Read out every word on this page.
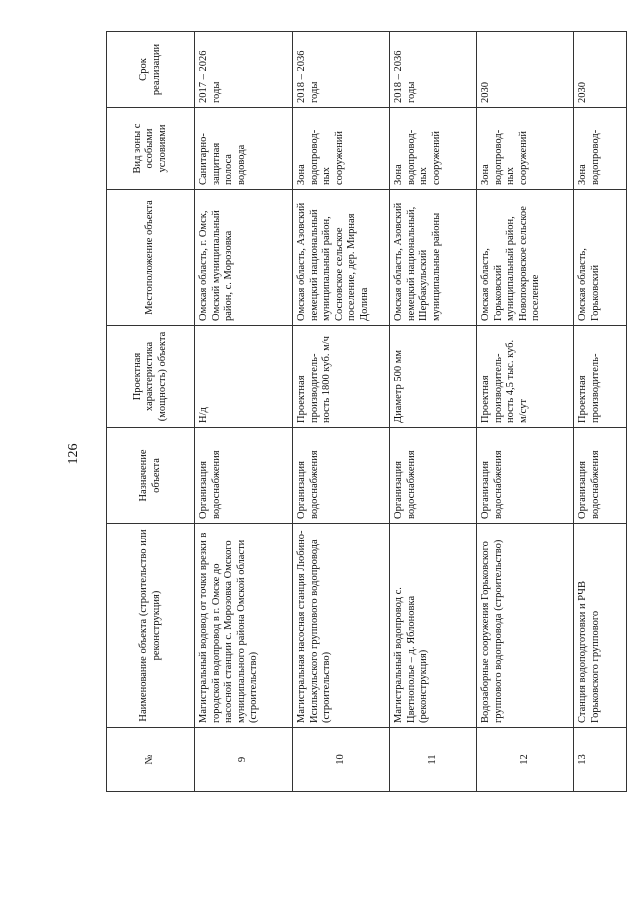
126
№	Наименование объекта (строительство или реконструкция)	Назначение объекта	Проектная характеристика (мощность) объекта	Местоположение объекта	Вид зоны с особыми условиями	Срок реализации
9	Магистральный водовод от точки врезки в городской водопровод в г. Омске до насосной станции с. Морозовка Омского муниципального района Омской области (строительство)	Организация водоснабжения	Н/д	Омская область, г. Омск, Омский муниципальный район, с. Морозовка	Санитарно-защитная полоса водовода	2017 – 2026 годы
10	Магистральная насосная станция Любино-Исилькульского группового водопровода (строительство)	Организация водоснабжения	Проектная производитель-ность 1800 куб. м/ч	Омская область, Азовский немецкий национальный муниципальный район, Сосновское сельское поселение, дер. Мирная Долина	Зона водопровод-ных сооружений	2018 – 2036 годы
11	Магистральный водопровод с. Цветнополье – д. Яблоновка (реконструкция)	Организация водоснабжения	Диаметр 500 мм	Омская область, Азовский немецкий национальный, Шербакульский муниципальные районы	Зона водопровод-ных сооружений	2018 – 2036 годы
12	Водозаборные сооружения Горьковского группового водопровода (строительство)	Организация водоснабжения	Проектная производитель-ность 4,5 тыс. куб. м/сут	Омская область, Горьковский муниципальный район, Новопокровское сельское поселение	Зона водопровод-ных сооружений	2030
13	Станция водоподготовки и РЧВ Горьковского группового	Организация водоснабжения	Проектная производитель-	Омская область, Горьковский	Зона водопровод-	2030
